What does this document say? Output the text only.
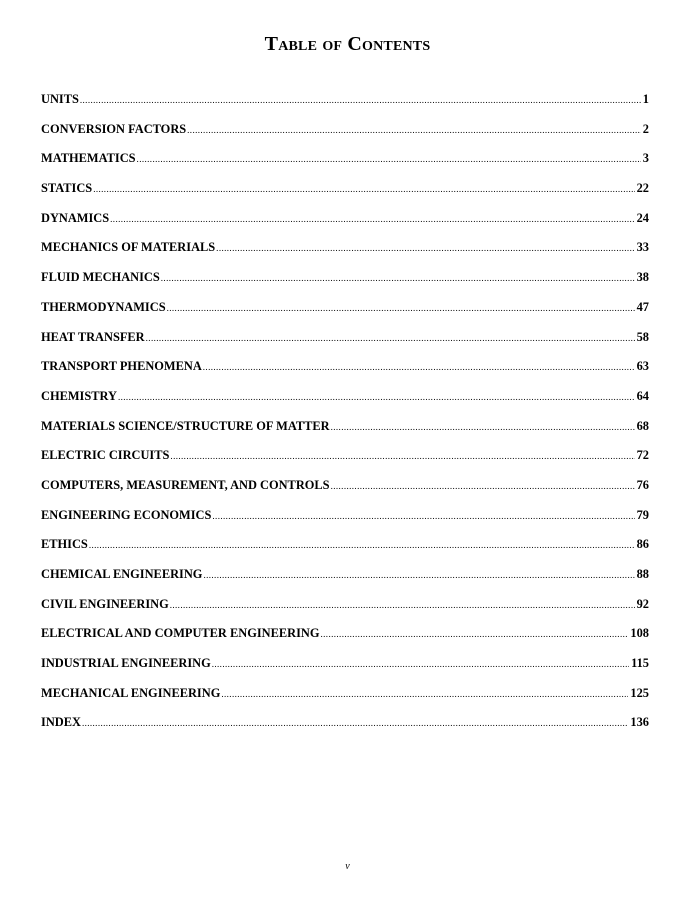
Table of Contents
UNITS .....	1
CONVERSION FACTORS .....	2
MATHEMATICS .....	3
STATICS .....	22
DYNAMICS .....	24
MECHANICS OF MATERIALS .....	33
FLUID MECHANICS .....	38
THERMODYNAMICS .....	47
HEAT TRANSFER .....	58
TRANSPORT PHENOMENA .....	63
CHEMISTRY .....	64
MATERIALS SCIENCE/STRUCTURE OF MATTER .....	68
ELECTRIC CIRCUITS .....	72
COMPUTERS, MEASUREMENT, AND CONTROLS .....	76
ENGINEERING ECONOMICS .....	79
ETHICS .....	86
CHEMICAL ENGINEERING .....	88
CIVIL ENGINEERING .....	92
ELECTRICAL AND COMPUTER ENGINEERING .....	108
INDUSTRIAL ENGINEERING .....	115
MECHANICAL ENGINEERING .....	125
INDEX .....	136
v
